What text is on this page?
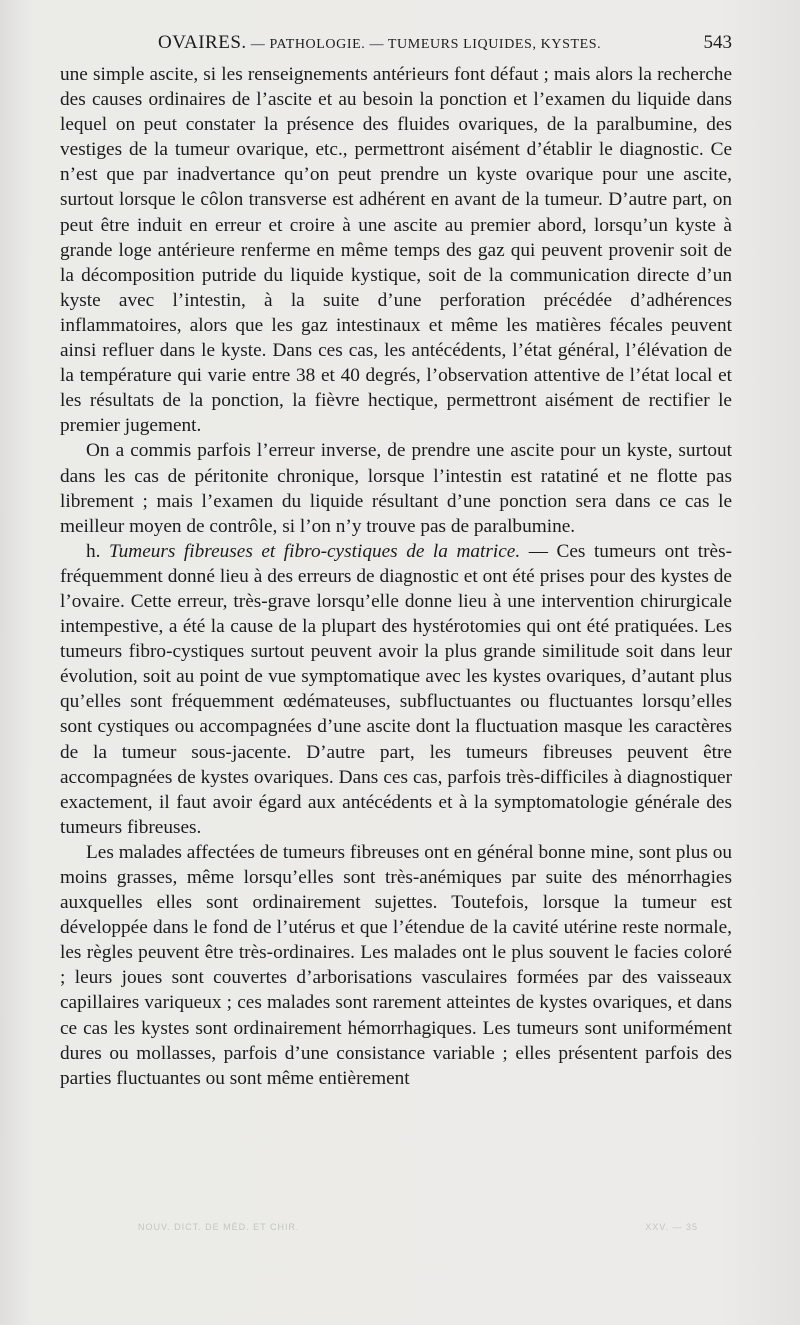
OVAIRES. — PATHOLOGIE. — TUMEURS LIQUIDES, KYSTES.	543

une simple ascite, si les renseignements antérieurs font défaut ; mais alors la recherche des causes ordinaires de l’ascite et au besoin la ponction et l’examen du liquide dans lequel on peut constater la présence des fluides ovariques, de la paralbumine, des vestiges de la tumeur ovarique, etc., permettront aisément d’établir le diagnostic. Ce n’est que par inadvertance qu’on peut prendre un kyste ovarique pour une ascite, surtout lorsque le côlon transverse est adhérent en avant de la tumeur. D’autre part, on peut être induit en erreur et croire à une ascite au premier abord, lorsqu’un kyste à grande loge antérieure renferme en même temps des gaz qui peuvent provenir soit de la décomposition putride du liquide kystique, soit de la communication directe d’un kyste avec l’intestin, à la suite d’une perforation précédée d’adhérences inflammatoires, alors que les gaz intestinaux et même les matières fécales peuvent ainsi refluer dans le kyste. Dans ces cas, les antécédents, l’état général, l’élévation de la température qui varie entre 38 et 40 degrés, l’observation attentive de l’état local et les résultats de la ponction, la fièvre hectique, permettront aisément de rectifier le premier jugement.

On a commis parfois l’erreur inverse, de prendre une ascite pour un kyste, surtout dans les cas de péritonite chronique, lorsque l’intestin est ratatiné et ne flotte pas librement ; mais l’examen du liquide résultant d’une ponction sera dans ce cas le meilleur moyen de contrôle, si l’on n’y trouve pas de paralbumine.

h. Tumeurs fibreuses et fibro-cystiques de la matrice. — Ces tumeurs ont très-fréquemment donné lieu à des erreurs de diagnostic et ont été prises pour des kystes de l’ovaire. Cette erreur, très-grave lorsqu’elle donne lieu à une intervention chirurgicale intempestive, a été la cause de la plupart des hystérotomies qui ont été pratiquées. Les tumeurs fibro-cystiques surtout peuvent avoir la plus grande similitude soit dans leur évolution, soit au point de vue symptomatique avec les kystes ovariques, d’autant plus qu’elles sont fréquemment œdémateuses, subfluctuantes ou fluctuantes lorsqu’elles sont cystiques ou accompagnées d’une ascite dont la fluctuation masque les caractères de la tumeur sous-jacente. D’autre part, les tumeurs fibreuses peuvent être accompagnées de kystes ovariques. Dans ces cas, parfois très-difficiles à diagnostiquer exactement, il faut avoir égard aux antécédents et à la symptomatologie générale des tumeurs fibreuses.

Les malades affectées de tumeurs fibreuses ont en général bonne mine, sont plus ou moins grasses, même lorsqu’elles sont très-anémiques par suite des ménorrhagies auxquelles elles sont ordinairement sujettes. Toutefois, lorsque la tumeur est développée dans le fond de l’utérus et que l’étendue de la cavité utérine reste normale, les règles peuvent être très-ordinaires. Les malades ont le plus souvent le facies coloré ; leurs joues sont couvertes d’arborisations vasculaires formées par des vaisseaux capillaires variqueux ; ces malades sont rarement atteintes de kystes ovariques, et dans ce cas les kystes sont ordinairement hémorrhagiques. Les tumeurs sont uniformément dures ou mollasses, parfois d’une consistance variable ; elles présentent parfois des parties fluctuantes ou sont même entièrement

NOUV. DICT. DE MÉD. ET CHIR.	XXV. — 35
